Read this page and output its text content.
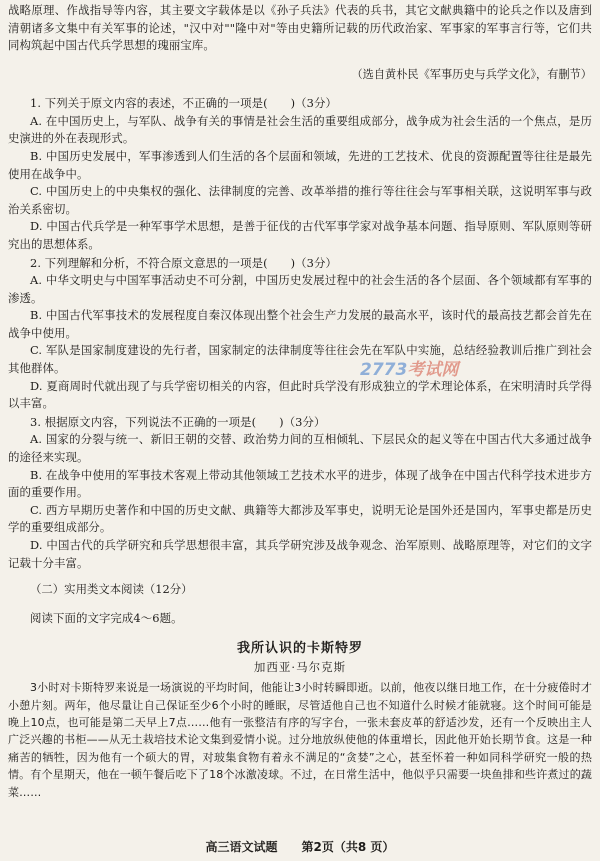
战略原理、作战指导等内容，其主要文字载体是以《孙子兵法》代表的兵书，其它文献典籍中的论兵之作以及唐到清朝诸多文集中有关军事的论述，"汉中对""隆中对"等由史籍所记载的历代政治家、军事家的军事言行等，它们共同构筑起中国古代兵学思想的瑰丽宝库。

（选自黄朴民《军事历史与兵学文化》，有删节）

1. 下列关于原文内容的表述，不正确的一项是(　　)（3分）

A. 在中国历史上，与军队、战争有关的事情是社会生活的重要组成部分，战争成为社会生活的一个焦点，是历史演进的外在表现形式。

B. 中国历史发展中，军事渗透到人们生活的各个层面和领域，先进的工艺技术、优良的资源配置等往往是最先使用在战争中。

C. 中国历史上的中央集权的强化、法律制度的完善、改革举措的推行等往往会与军事相关联，这说明军事与政治关系密切。

D. 中国古代兵学是一种军事学术思想，是善于征伐的古代军事学家对战争基本问题、指导原则、军队原则等研究出的思想体系。

2. 下列理解和分析，不符合原文意思的一项是(　　)（3分）

A. 中华文明史与中国军事活动史不可分割，中国历史发展过程中的社会生活的各个层面、各个领域都有军事的渗透。

B. 中国古代军事技术的发展程度自秦汉体现出整个社会生产力发展的最高水平，该时代的最高技艺都会首先在战争中使用。

C. 军队是国家制度建设的先行者，国家制定的法律制度等往往会先在军队中实施，总结经验教训后推广到社会其他群体。

D. 夏商周时代就出现了与兵学密切相关的内容，但此时兵学没有形成独立的学术理论体系，在宋明清时兵学得以丰富。

3. 根据原文内容，下列说法不正确的一项是(　　)（3分）

A. 国家的分裂与统一、新旧王朝的交替、政治势力间的互相倾轧、下层民众的起义等在中国古代大多通过战争的途径来实现。

B. 在战争中使用的军事技术客观上带动其他领域工艺技术水平的进步，体现了战争在中国古代科学技术进步方面的重要作用。

C. 西方早期历史著作和中国的历史文献、典籍等大都涉及军事史，说明无论是国外还是国内，军事史都是历史学的重要组成部分。

D. 中国古代的兵学研究和兵学思想很丰富，其兵学研究涉及战争观念、治军原则、战略原理等，对它们的文字记载十分丰富。

（二）实用类文本阅读（12分）

阅读下面的文字完成4～6题。

我所认识的卡斯特罗
加西亚·马尔克斯

3小时对卡斯特罗来说是一场演说的平均时间，他能让3小时转瞬即逝。以前，他夜以继日地工作，在十分疲倦时才小憩片刻。两年，他尽量让自己保证至少6个小时的睡眠，尽管适他自己也不知道什么时候才能就寝。这个时间可能是晚上10点，也可能是第二天早上7点……他有一张整洁有序的写字台，一张未套皮革的舒适沙发，还有一个反映出主人广泛兴趣的书柜——从无土栽培技术论文集到爱情小说。过分地放纵使他的体重增长，因此他开始长期节食。这是一种痛苦的牺牲，因为他有一个硕大的胃，对玻集食物有着永不满足的“贪婪”之心，甚至怀着一种如同科学研究一般的热情。有个星期天，他在一顿午餐后吃下了18个冰激凌球。不过，在日常生活中，他似乎只需要一块鱼排和些许煮过的蔬菜……

2773考试网
高三语文试题　　第2页（共8 页）
